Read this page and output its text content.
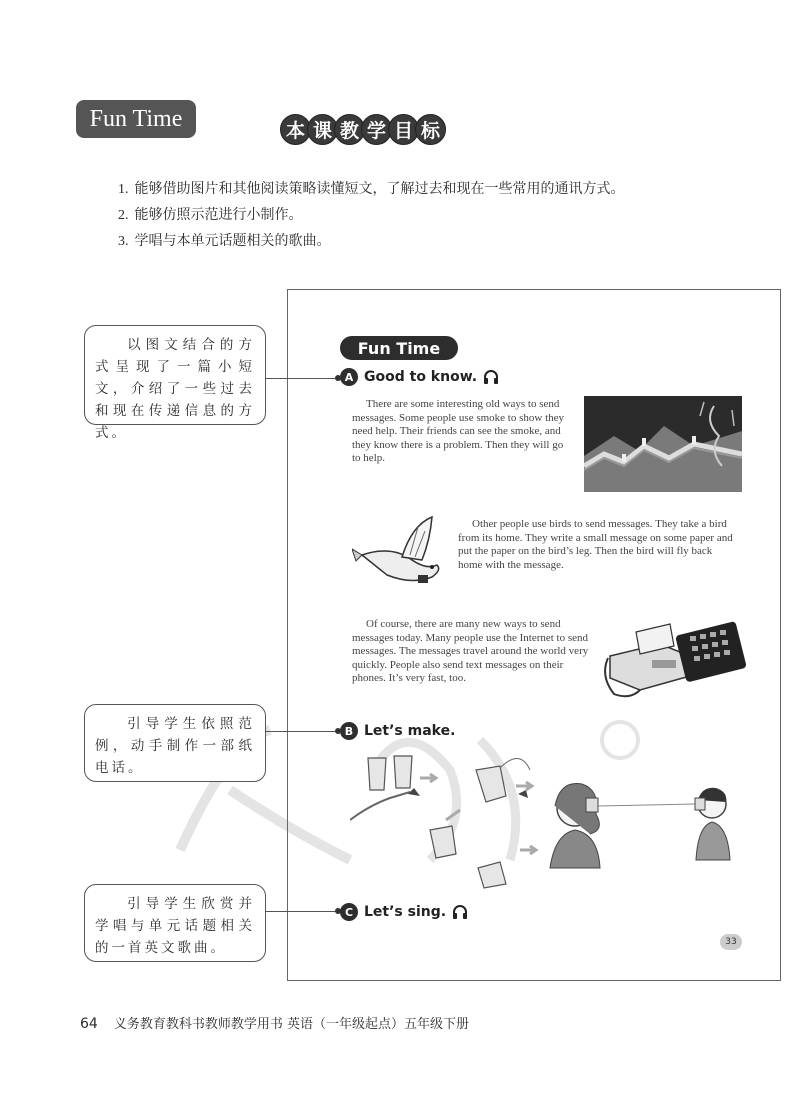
Fun Time	本 课 教 学 目 标
1. 能够借助图片和其他阅读策略读懂短文，了解过去和现在一些常用的通讯方式。
2. 能够仿照示范进行小制作。
3. 学唱与本单元话题相关的歌曲。
Fun Time
A Good to know.

There are some interesting old ways to send messages. Some people use smoke to show they need help. Their friends can see the smoke, and they know there is a problem. Then they will go to help.

Other people use birds to send messages. They take a bird from its home. They write a small message on some paper and put the paper on the bird’s leg. Then the bird will fly back home with the message.

Of course, there are many new ways to send messages today. Many people use the Internet to send messages. The messages travel around the world very quickly. People also send text messages on their phones. It’s very fast, too.

B Let’s make.
C Let’s sing.
33
以图文结合的方式呈现了一篇小短文，介绍了一些过去和现在传递信息的方式。
引导学生依照范例，动手制作一部纸电话。
引导学生欣赏并学唱与单元话题相关的一首英文歌曲。
64 义务教育教科书教师教学用书 英语（一年级起点）五年级下册
